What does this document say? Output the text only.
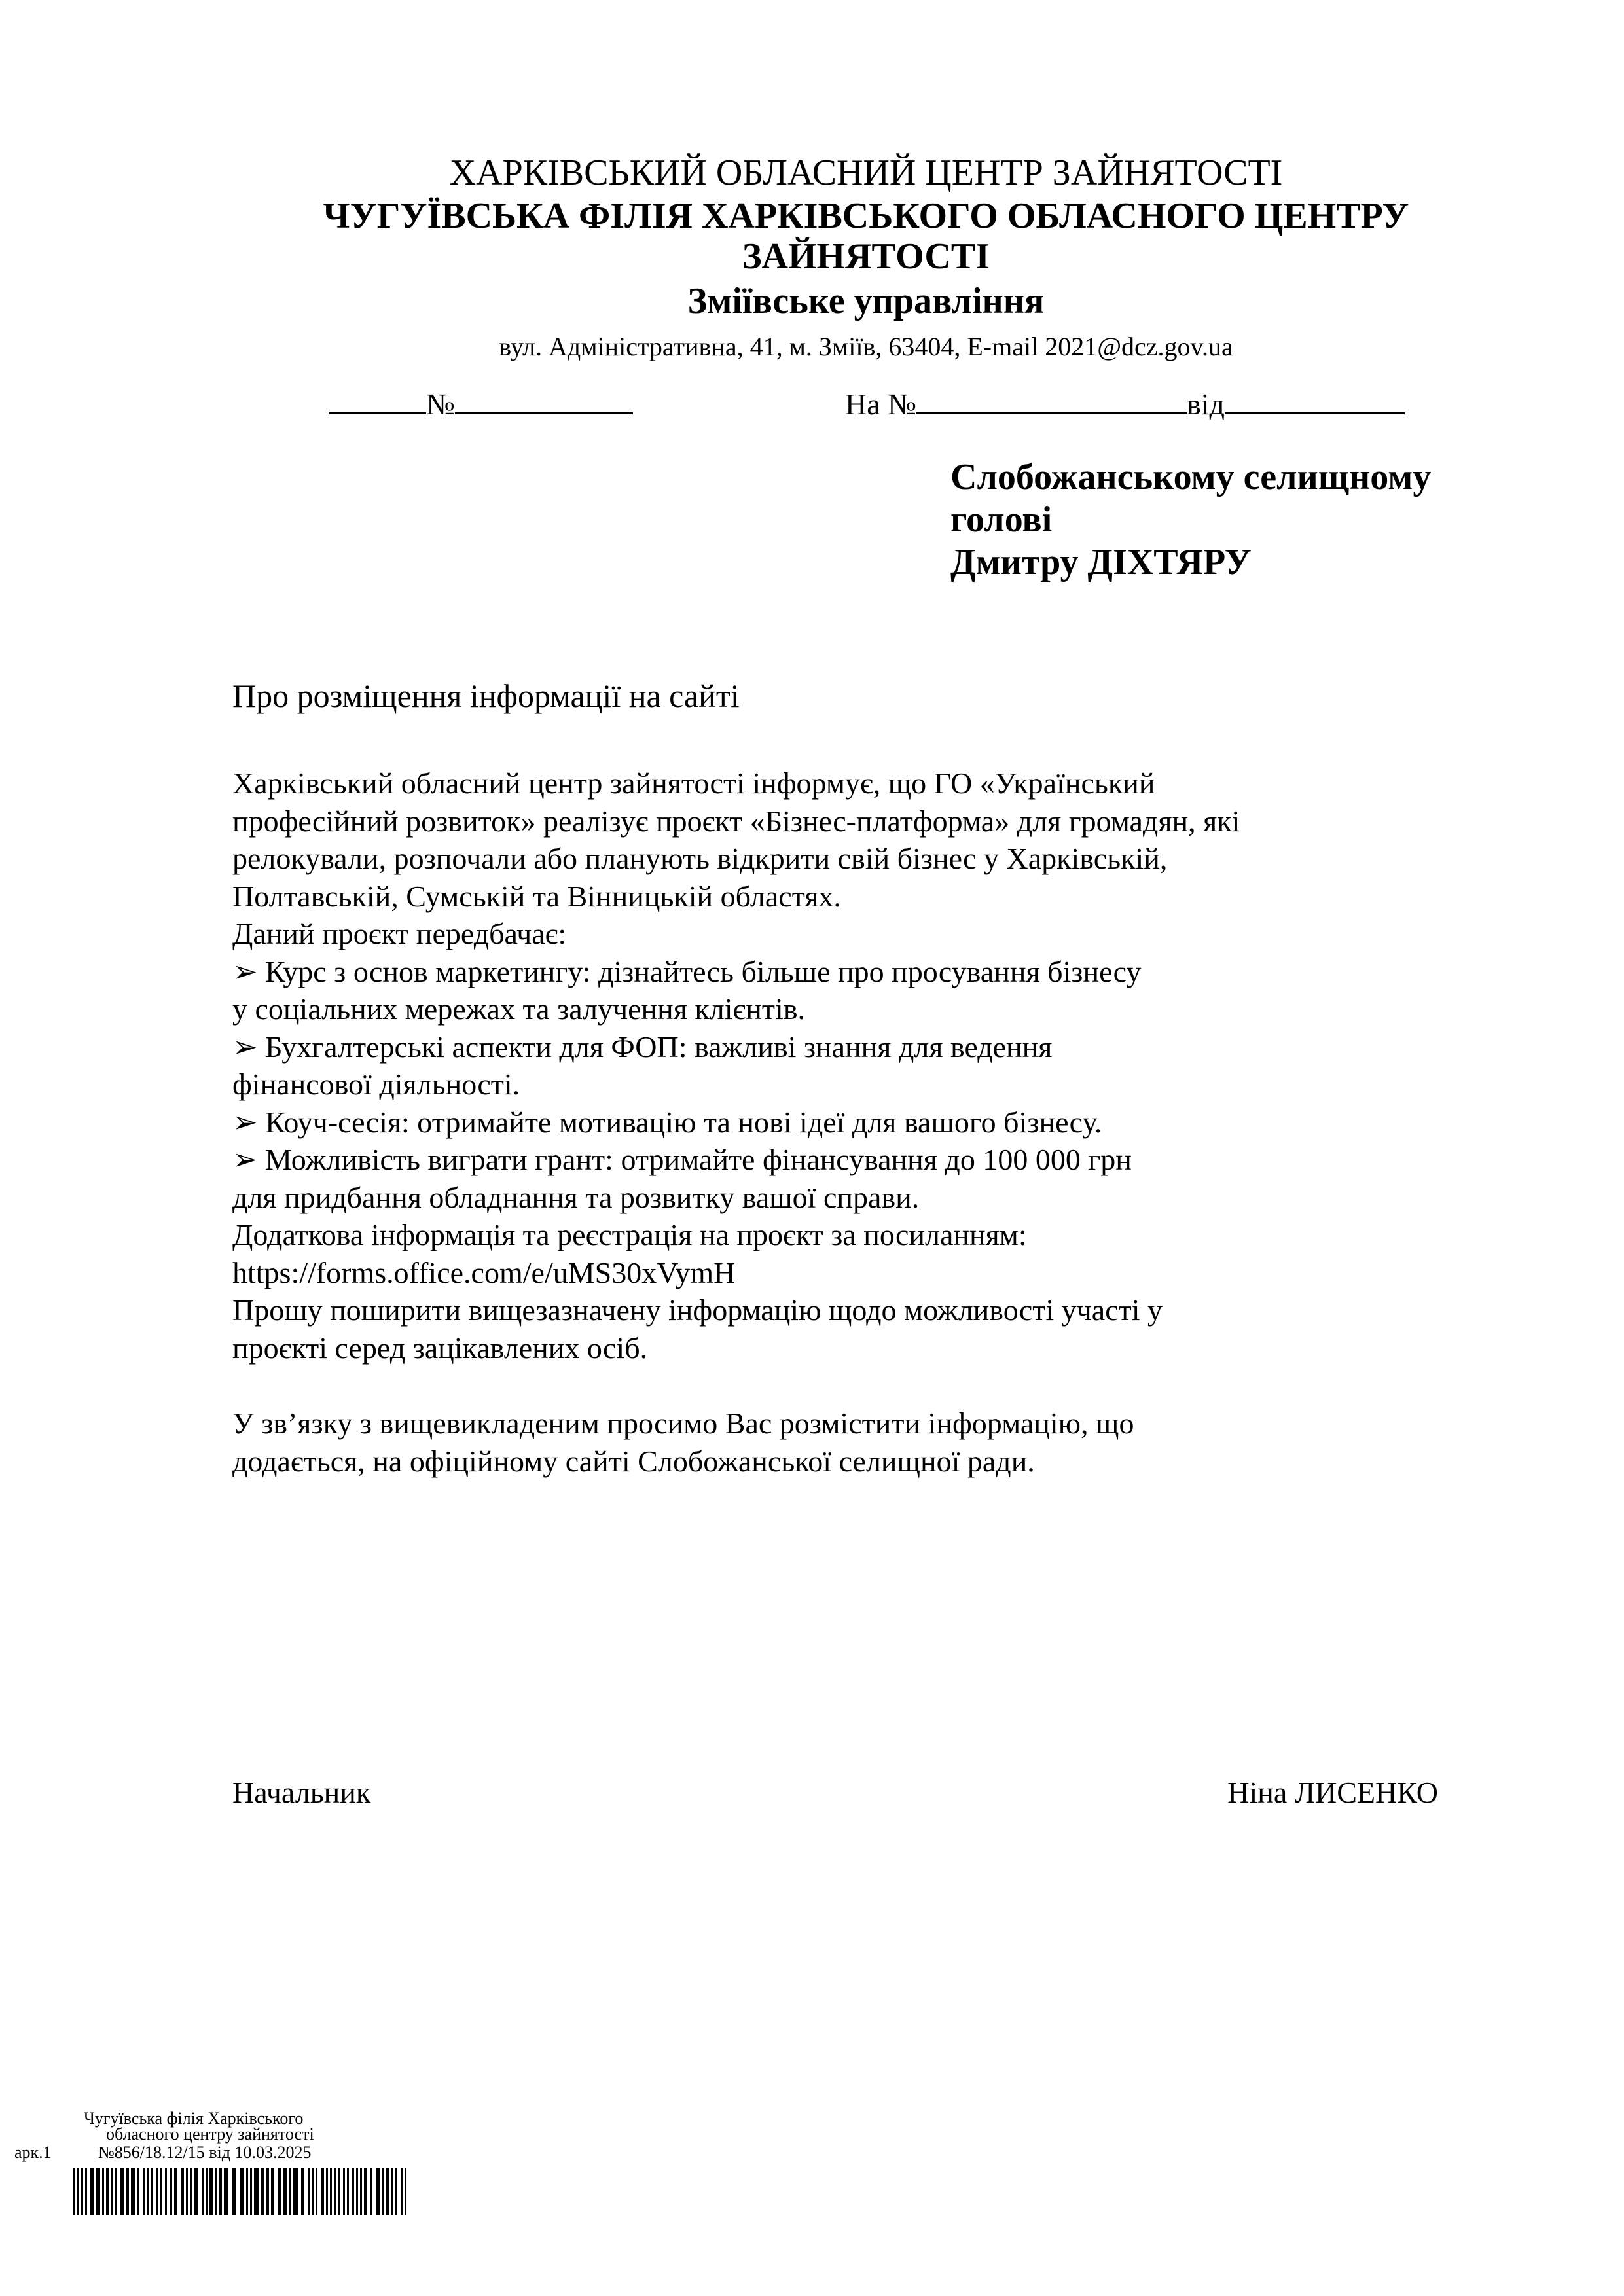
ХАРКІВСЬКИЙ ОБЛАСНИЙ ЦЕНТР ЗАЙНЯТОСТІ
ЧУГУЇВСЬКА ФІЛІЯ ХАРКІВСЬКОГО ОБЛАСНОГО ЦЕНТРУ
ЗАЙНЯТОСТІ
Зміївське управління
вул. Адміністративна, 41, м. Зміїв, 63404, E-mail 2021@dcz.gov.ua
№	На №	від
Слобожанському селищному
голові
Дмитру ДІХТЯРУ
Про розміщення інформації на сайті
Харківський обласний центр зайнятості інформує, що ГО «Український
професійний розвиток» реалізує проєкт «Бізнес-платформа» для громадян, які
релокували, розпочали або планують відкрити свій бізнес у Харківській,
Полтавській, Сумській та Вінницькій областях.
Даний проєкт передбачає:
➢ Курс з основ маркетингу: дізнайтесь більше про просування бізнесу
у соціальних мережах та залучення клієнтів.
➢ Бухгалтерські аспекти для ФОП: важливі знання для ведення
фінансової діяльності.
➢ Коуч-сесія: отримайте мотивацію та нові ідеї для вашого бізнесу.
➢ Можливість виграти грант: отримайте фінансування до 100 000 грн
для придбання обладнання та розвитку вашої справи.
Додаткова інформація та реєстрація на проєкт за посиланням:
https://forms.office.com/e/uMS30xVymH
Прошу поширити вищезазначену інформацію щодо можливості участі у
проєкті серед зацікавлених осіб.
У зв’язку з вищевикладеним просимо Вас розмістити інформацію, що
додається, на офіційному сайті Слобожанської селищної ради.
Начальник	Ніна ЛИСЕНКО
Чугуївська філія Харківського
обласного центру зайнятості
арк.1	№856/18.12/15 від 10.03.2025
